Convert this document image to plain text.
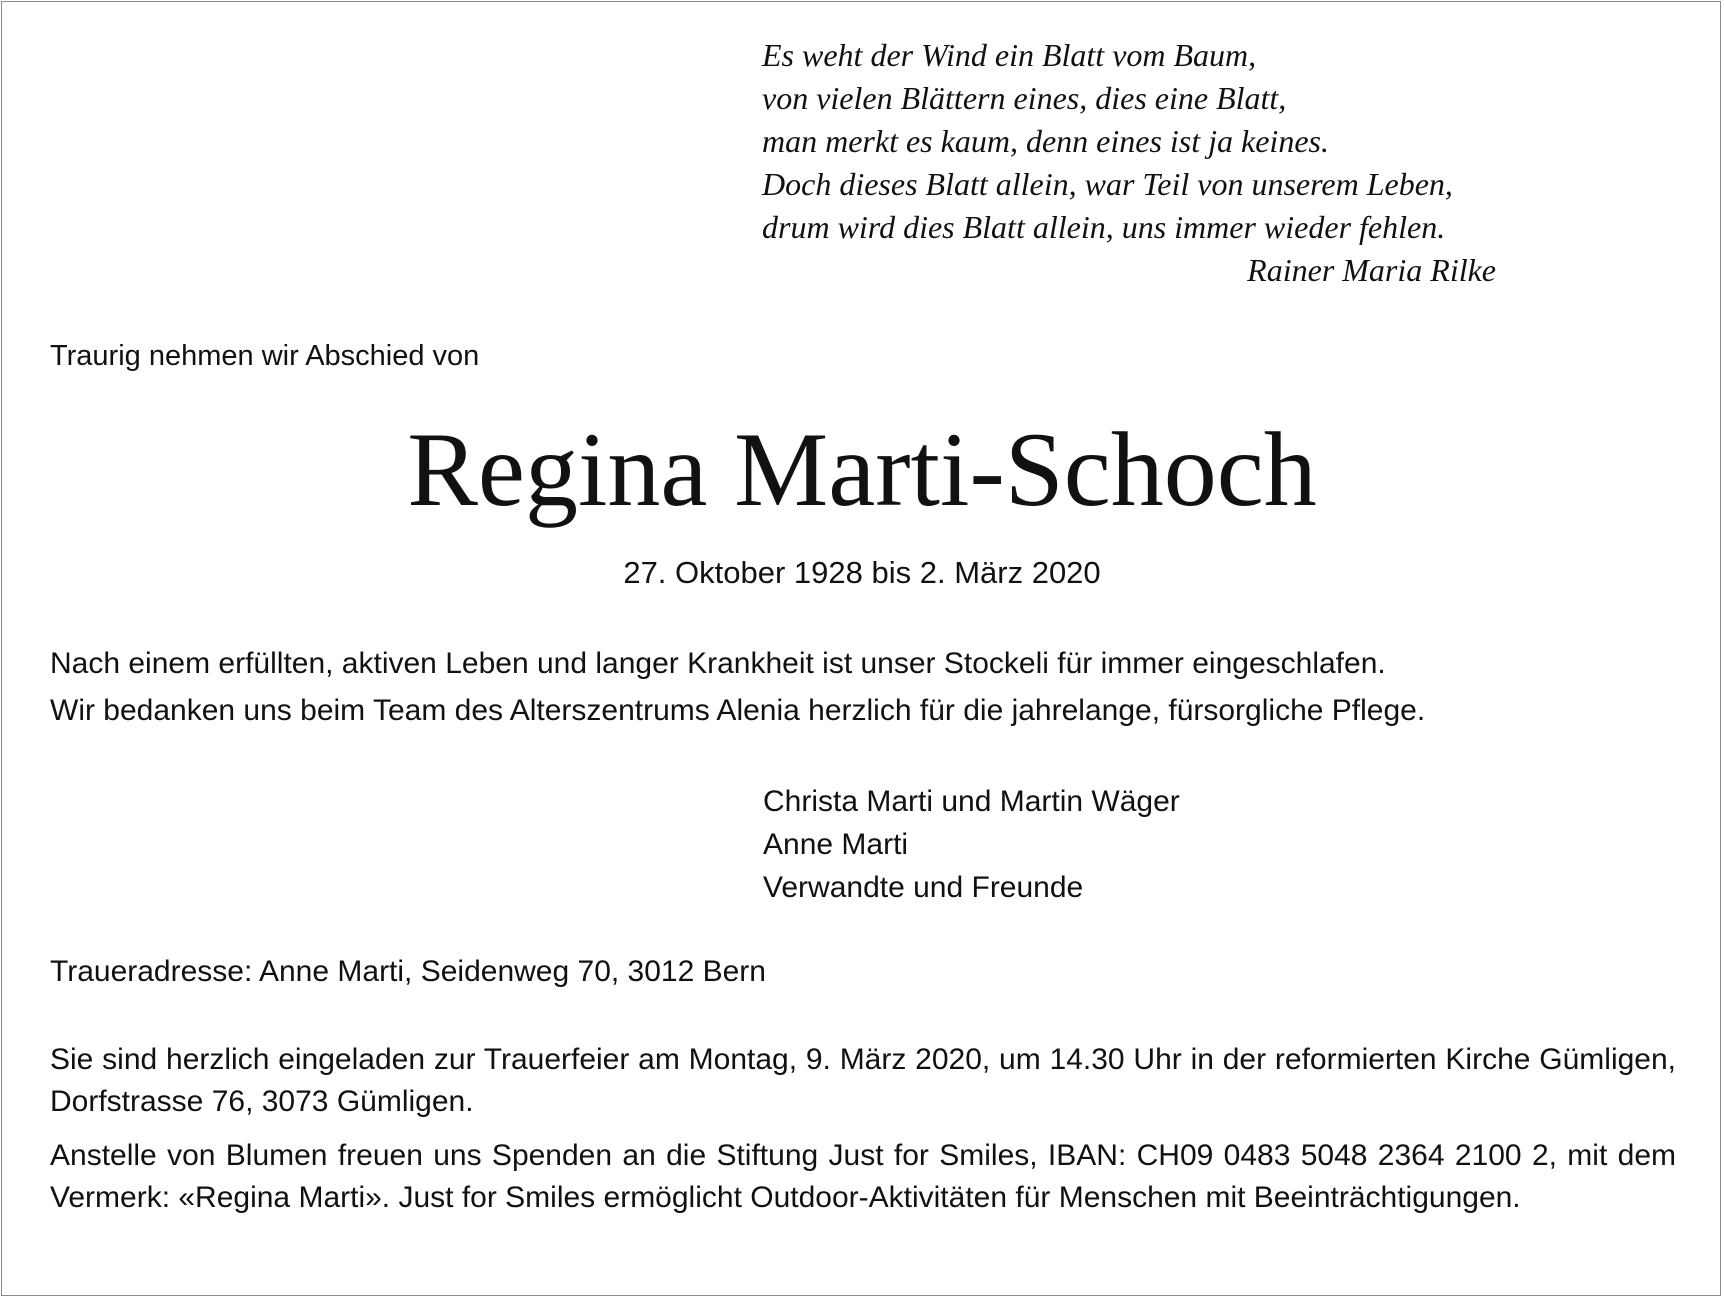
Es weht der Wind ein Blatt vom Baum,
von vielen Blättern eines, dies eine Blatt,
man merkt es kaum, denn eines ist ja keines.
Doch dieses Blatt allein, war Teil von unserem Leben,
drum wird dies Blatt allein, uns immer wieder fehlen.
Rainer Maria Rilke
Traurig nehmen wir Abschied von
Regina Marti-Schoch
27. Oktober 1928 bis 2. März 2020
Nach einem erfüllten, aktiven Leben und langer Krankheit ist unser Stockeli für immer eingeschlafen.
Wir bedanken uns beim Team des Alterszentrums Alenia herzlich für die jahrelange, fürsorgliche Pflege.
Christa Marti und Martin Wäger
Anne Marti
Verwandte und Freunde
Traueradresse: Anne Marti, Seidenweg 70, 3012 Bern
Sie sind herzlich eingeladen zur Trauerfeier am Montag, 9. März 2020, um 14.30 Uhr in der reformierten Kirche Gümligen, Dorfstrasse 76, 3073 Gümligen.
Anstelle von Blumen freuen uns Spenden an die Stiftung Just for Smiles, IBAN: CH09 0483 5048 2364 2100 2, mit dem Vermerk: «Regina Marti». Just for Smiles ermöglicht Outdoor-Aktivitäten für Menschen mit Beeinträchtigungen.
